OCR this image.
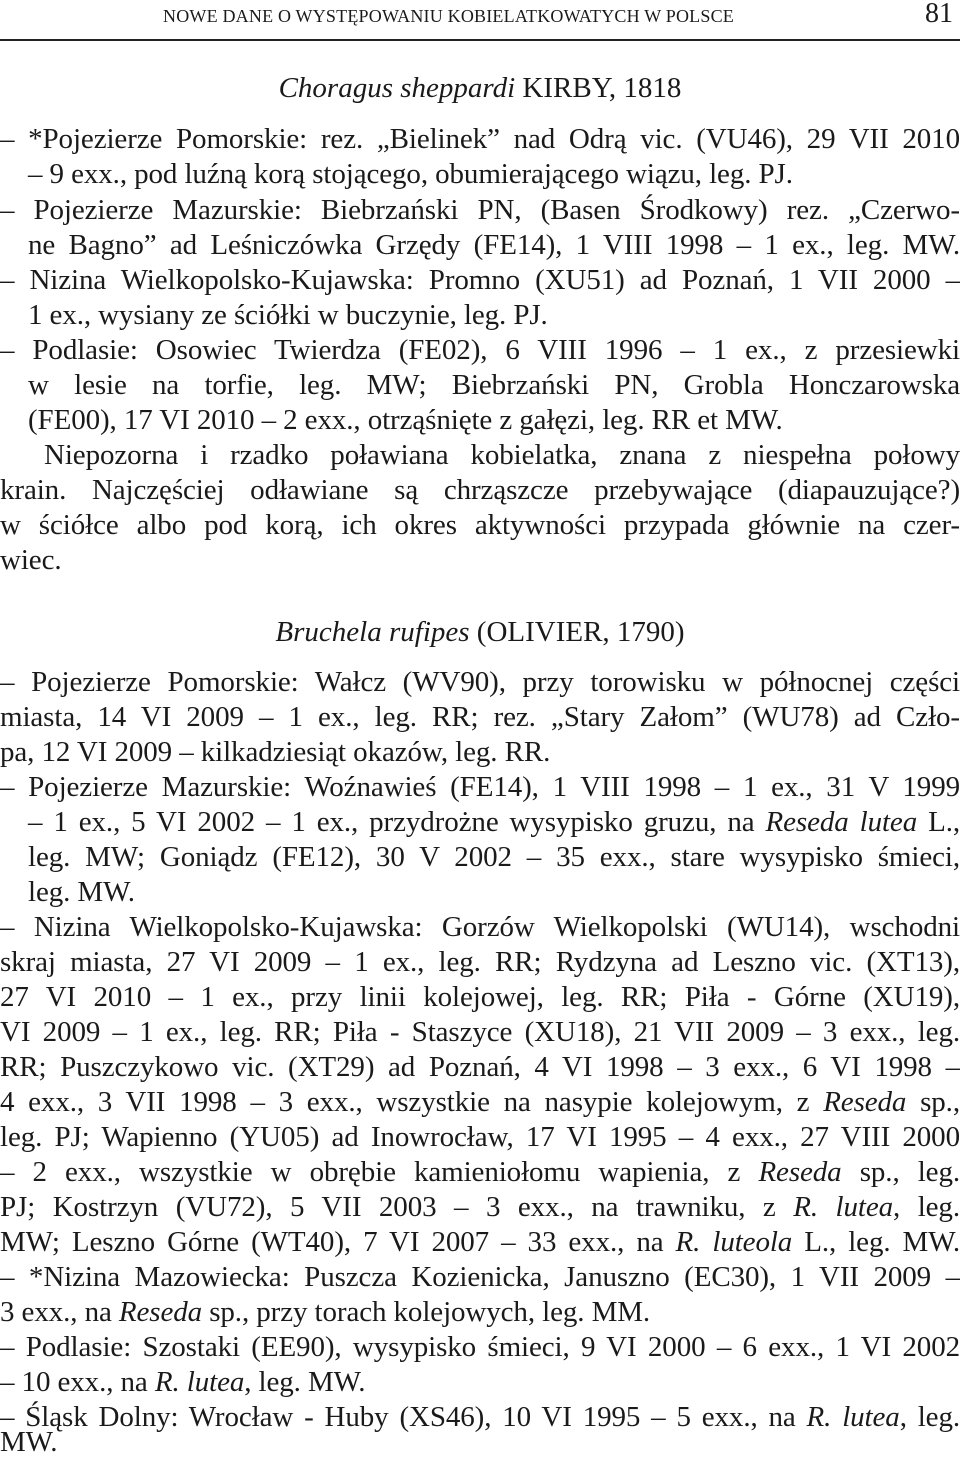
NOWE DANE O WYSTĘPOWANIU KOBIELATKOWATYCH W POLSCE	81
Choragus sheppardi KIRBY, 1818
– *Pojezierze Pomorskie: rez. „Bielinek” nad Odrą vic. (VU46), 29 VII 2010
– 9 exx., pod luźną korą stojącego, obumierającego wiązu, leg. PJ.
– Pojezierze Mazurskie: Biebrzański PN, (Basen Środkowy) rez. „Czerwo-
ne Bagno” ad Leśniczówka Grzędy (FE14), 1 VIII 1998 – 1 ex., leg. MW.
– Nizina Wielkopolsko-Kujawska: Promno (XU51) ad Poznań, 1 VII 2000 –
1 ex., wysiany ze ściółki w buczynie, leg. PJ.
– Podlasie: Osowiec Twierdza (FE02), 6 VIII 1996 – 1 ex., z przesiewki
w lesie na torfie, leg. MW; Biebrzański PN, Grobla Honczarowska
(FE00), 17 VI 2010 – 2 exx., otrząśnięte z gałęzi, leg. RR et MW.
Niepozorna i rzadko poławiana kobielatka, znana z niespełna połowy
krain. Najczęściej odławiane są chrząszcze przebywające (diapauzujące?)
w ściółce albo pod korą, ich okres aktywności przypada głównie na czer-
wiec.
Bruchela rufipes (OLIVIER, 1790)
– Pojezierze Pomorskie: Wałcz (WV90), przy torowisku w północnej części
miasta, 14 VI 2009 – 1 ex., leg. RR; rez. „Stary Załom” (WU78) ad Czło-
pa, 12 VI 2009 – kilkadziesiąt okazów, leg. RR.
– Pojezierze Mazurskie: Woźnawieś (FE14), 1 VIII 1998 – 1 ex., 31 V 1999
– 1 ex., 5 VI 2002 – 1 ex., przydrożne wysypisko gruzu, na Reseda lutea L.,
leg. MW; Goniądz (FE12), 30 V 2002 – 35 exx., stare wysypisko śmieci,
leg. MW.
– Nizina Wielkopolsko-Kujawska: Gorzów Wielkopolski (WU14), wschodni
skraj miasta, 27 VI 2009 – 1 ex., leg. RR; Rydzyna ad Leszno vic. (XT13),
27 VI 2010 – 1 ex., przy linii kolejowej, leg. RR; Piła - Górne (XU19),
VI 2009 – 1 ex., leg. RR; Piła - Staszyce (XU18), 21 VII 2009 – 3 exx., leg.
RR; Puszczykowo vic. (XT29) ad Poznań, 4 VI 1998 – 3 exx., 6 VI 1998 –
4 exx., 3 VII 1998 – 3 exx., wszystkie na nasypie kolejowym, z Reseda sp.,
leg. PJ; Wapienno (YU05) ad Inowrocław, 17 VI 1995 – 4 exx., 27 VIII 2000
– 2 exx., wszystkie w obrębie kamieniołomu wapienia, z Reseda sp., leg.
PJ; Kostrzyn (VU72), 5 VII 2003 – 3 exx., na trawniku, z R. lutea, leg.
MW; Leszno Górne (WT40), 7 VI 2007 – 33 exx., na R. luteola L., leg. MW.
– *Nizina Mazowiecka: Puszcza Kozienicka, Januszno (EC30), 1 VII 2009 –
3 exx., na Reseda sp., przy torach kolejowych, leg. MM.
– Podlasie: Szostaki (EE90), wysypisko śmieci, 9 VI 2000 – 6 exx., 1 VI 2002
– 10 exx., na R. lutea, leg. MW.
– Śląsk Dolny: Wrocław - Huby (XS46), 10 VI 1995 – 5 exx., na R. lutea, leg.
MW.
